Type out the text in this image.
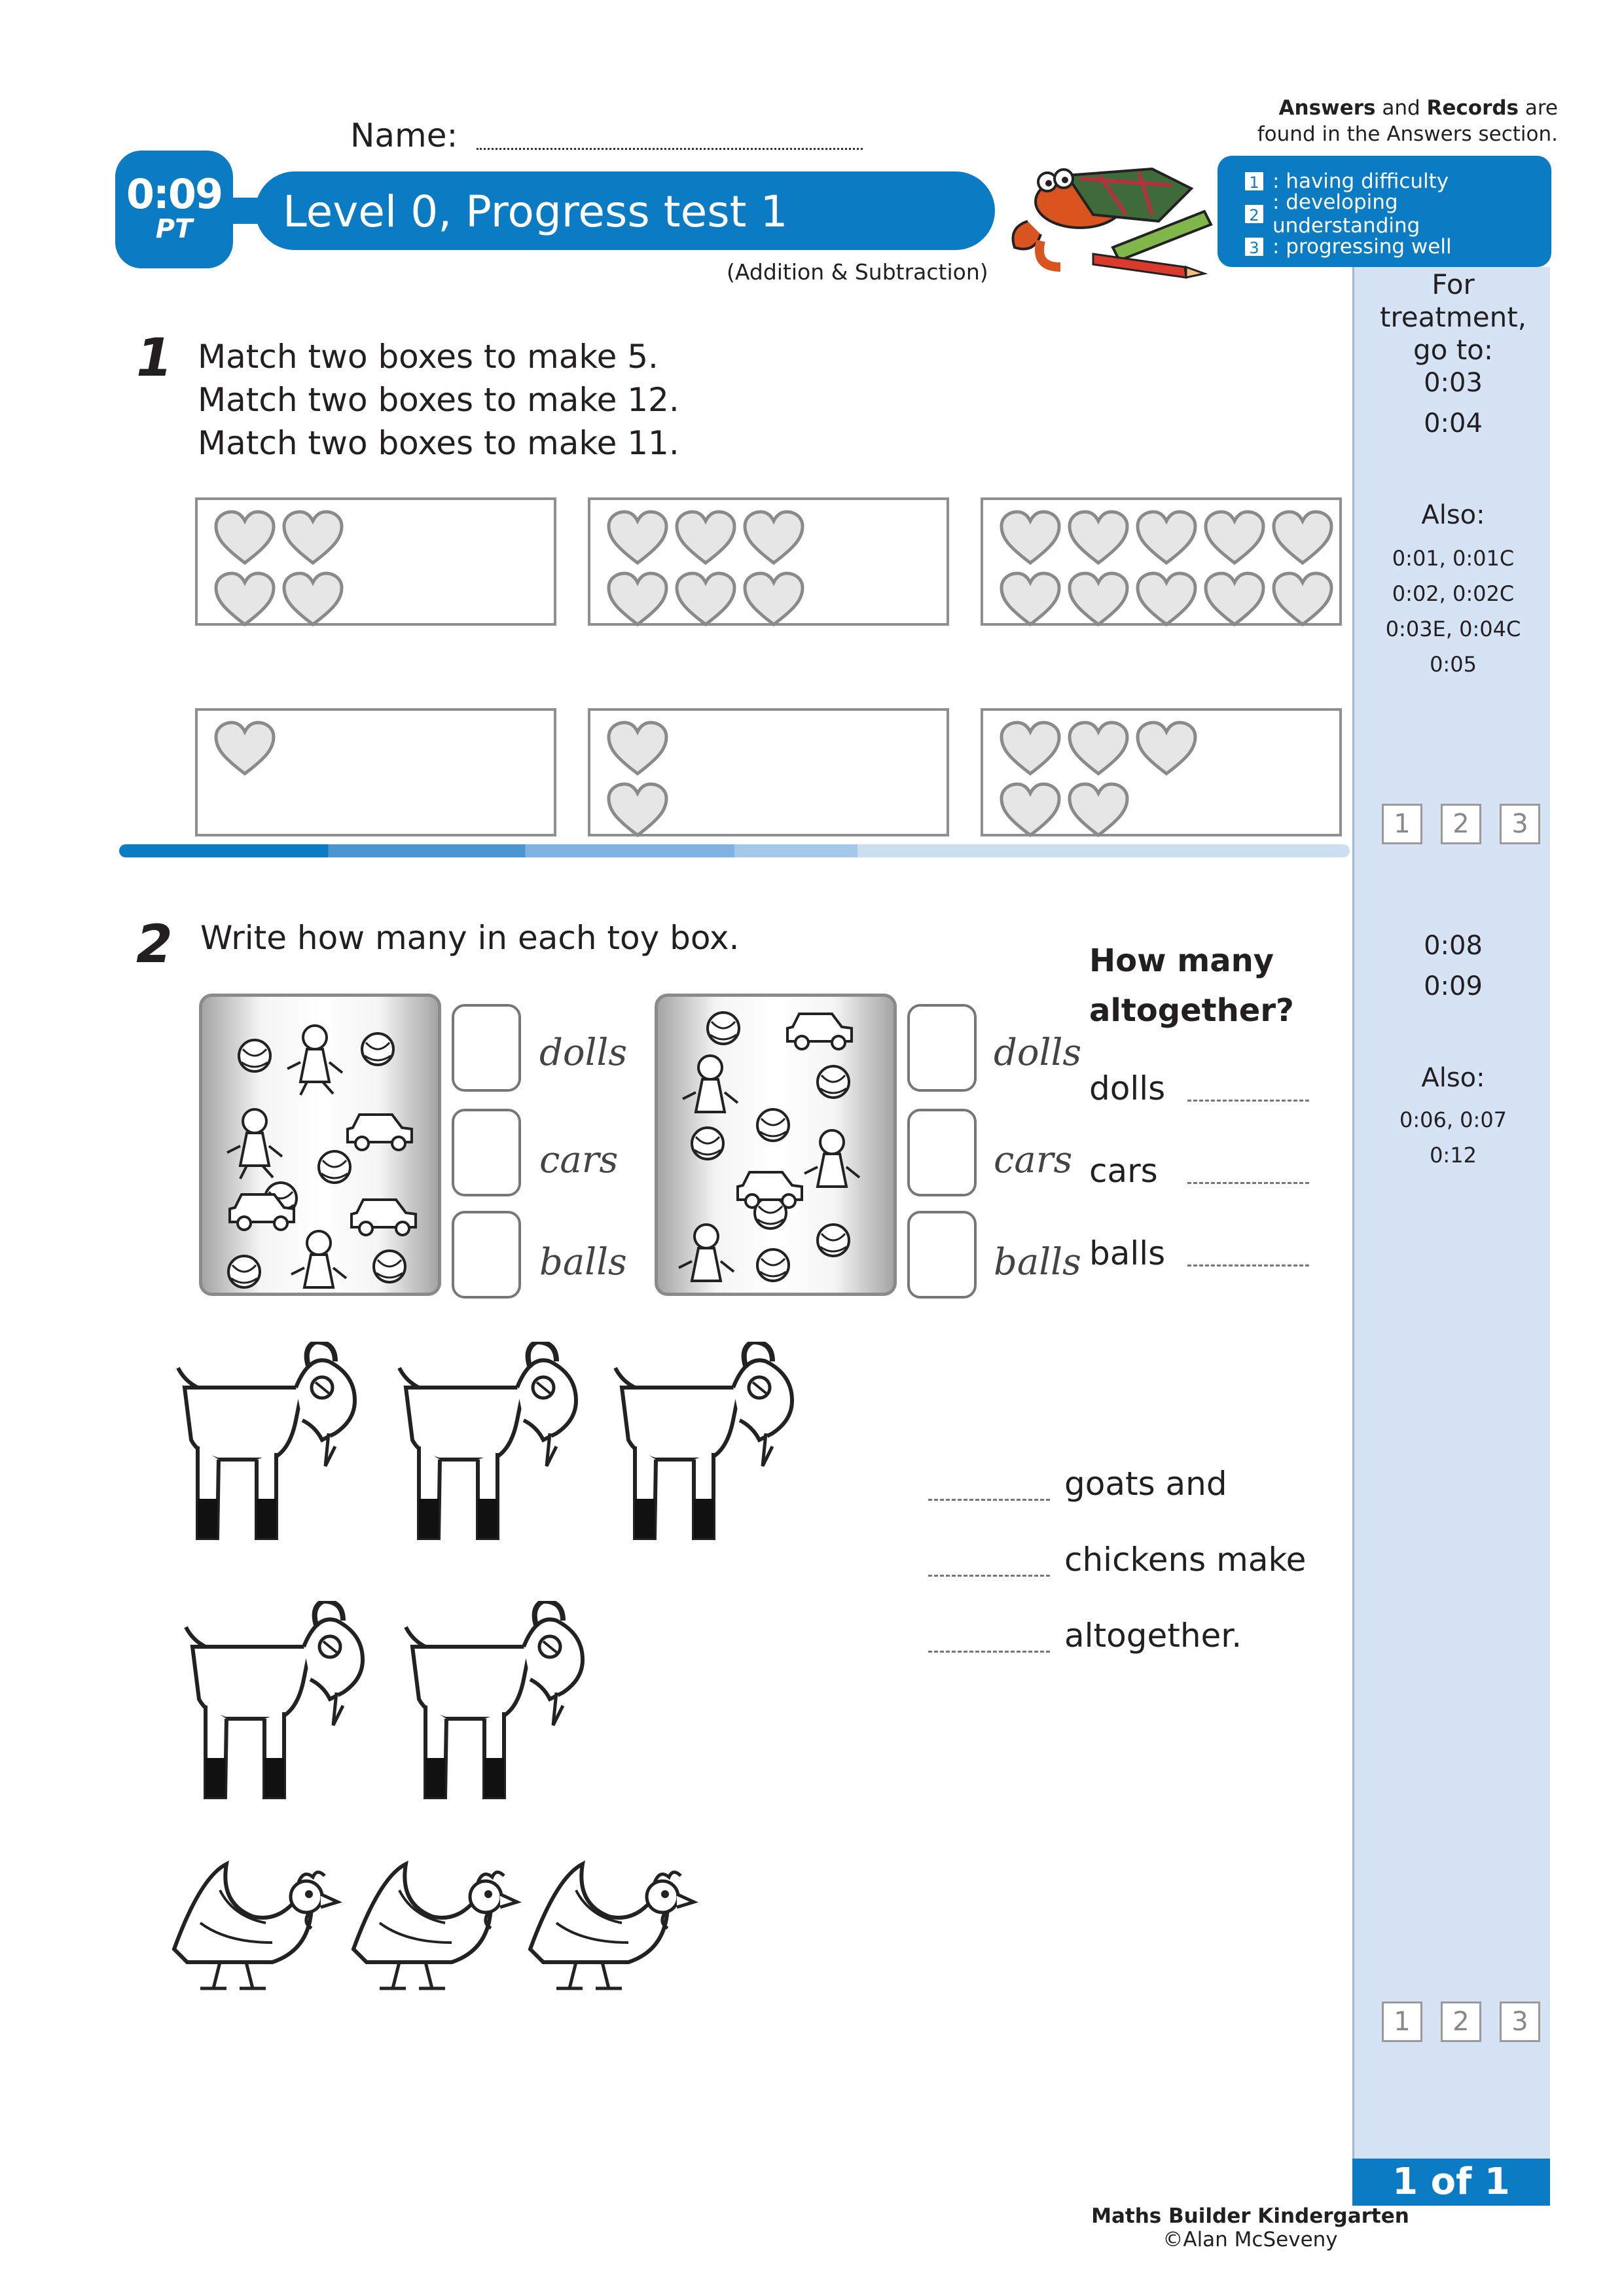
Name:
0:09
PT	Level 0, Progress test 1
(Addition & Subtraction)
Answers and Records are
found in the Answers section.
1 : having difficulty
2
: developing understanding
3 : progressing well
For treatment,
go to:
0:03
0:04
Also:
0:01, 0:01C
0:02, 0:02C
0:03E, 0:04C
0:05
1	2	3
0:08
0:09
Also:
0:06, 0:07
0:12
1	2	3
1 of 1
Maths Builder Kindergarten
©Alan McSeveny
1 Match two boxes to make 5.
Match two boxes to make 12.
Match two boxes to make 11.
2 Write how many in each toy box.
dolls
cars
balls
dolls
cars
balls
How many
altogether?
dolls
cars
balls
goats and
chickens make
altogether.
